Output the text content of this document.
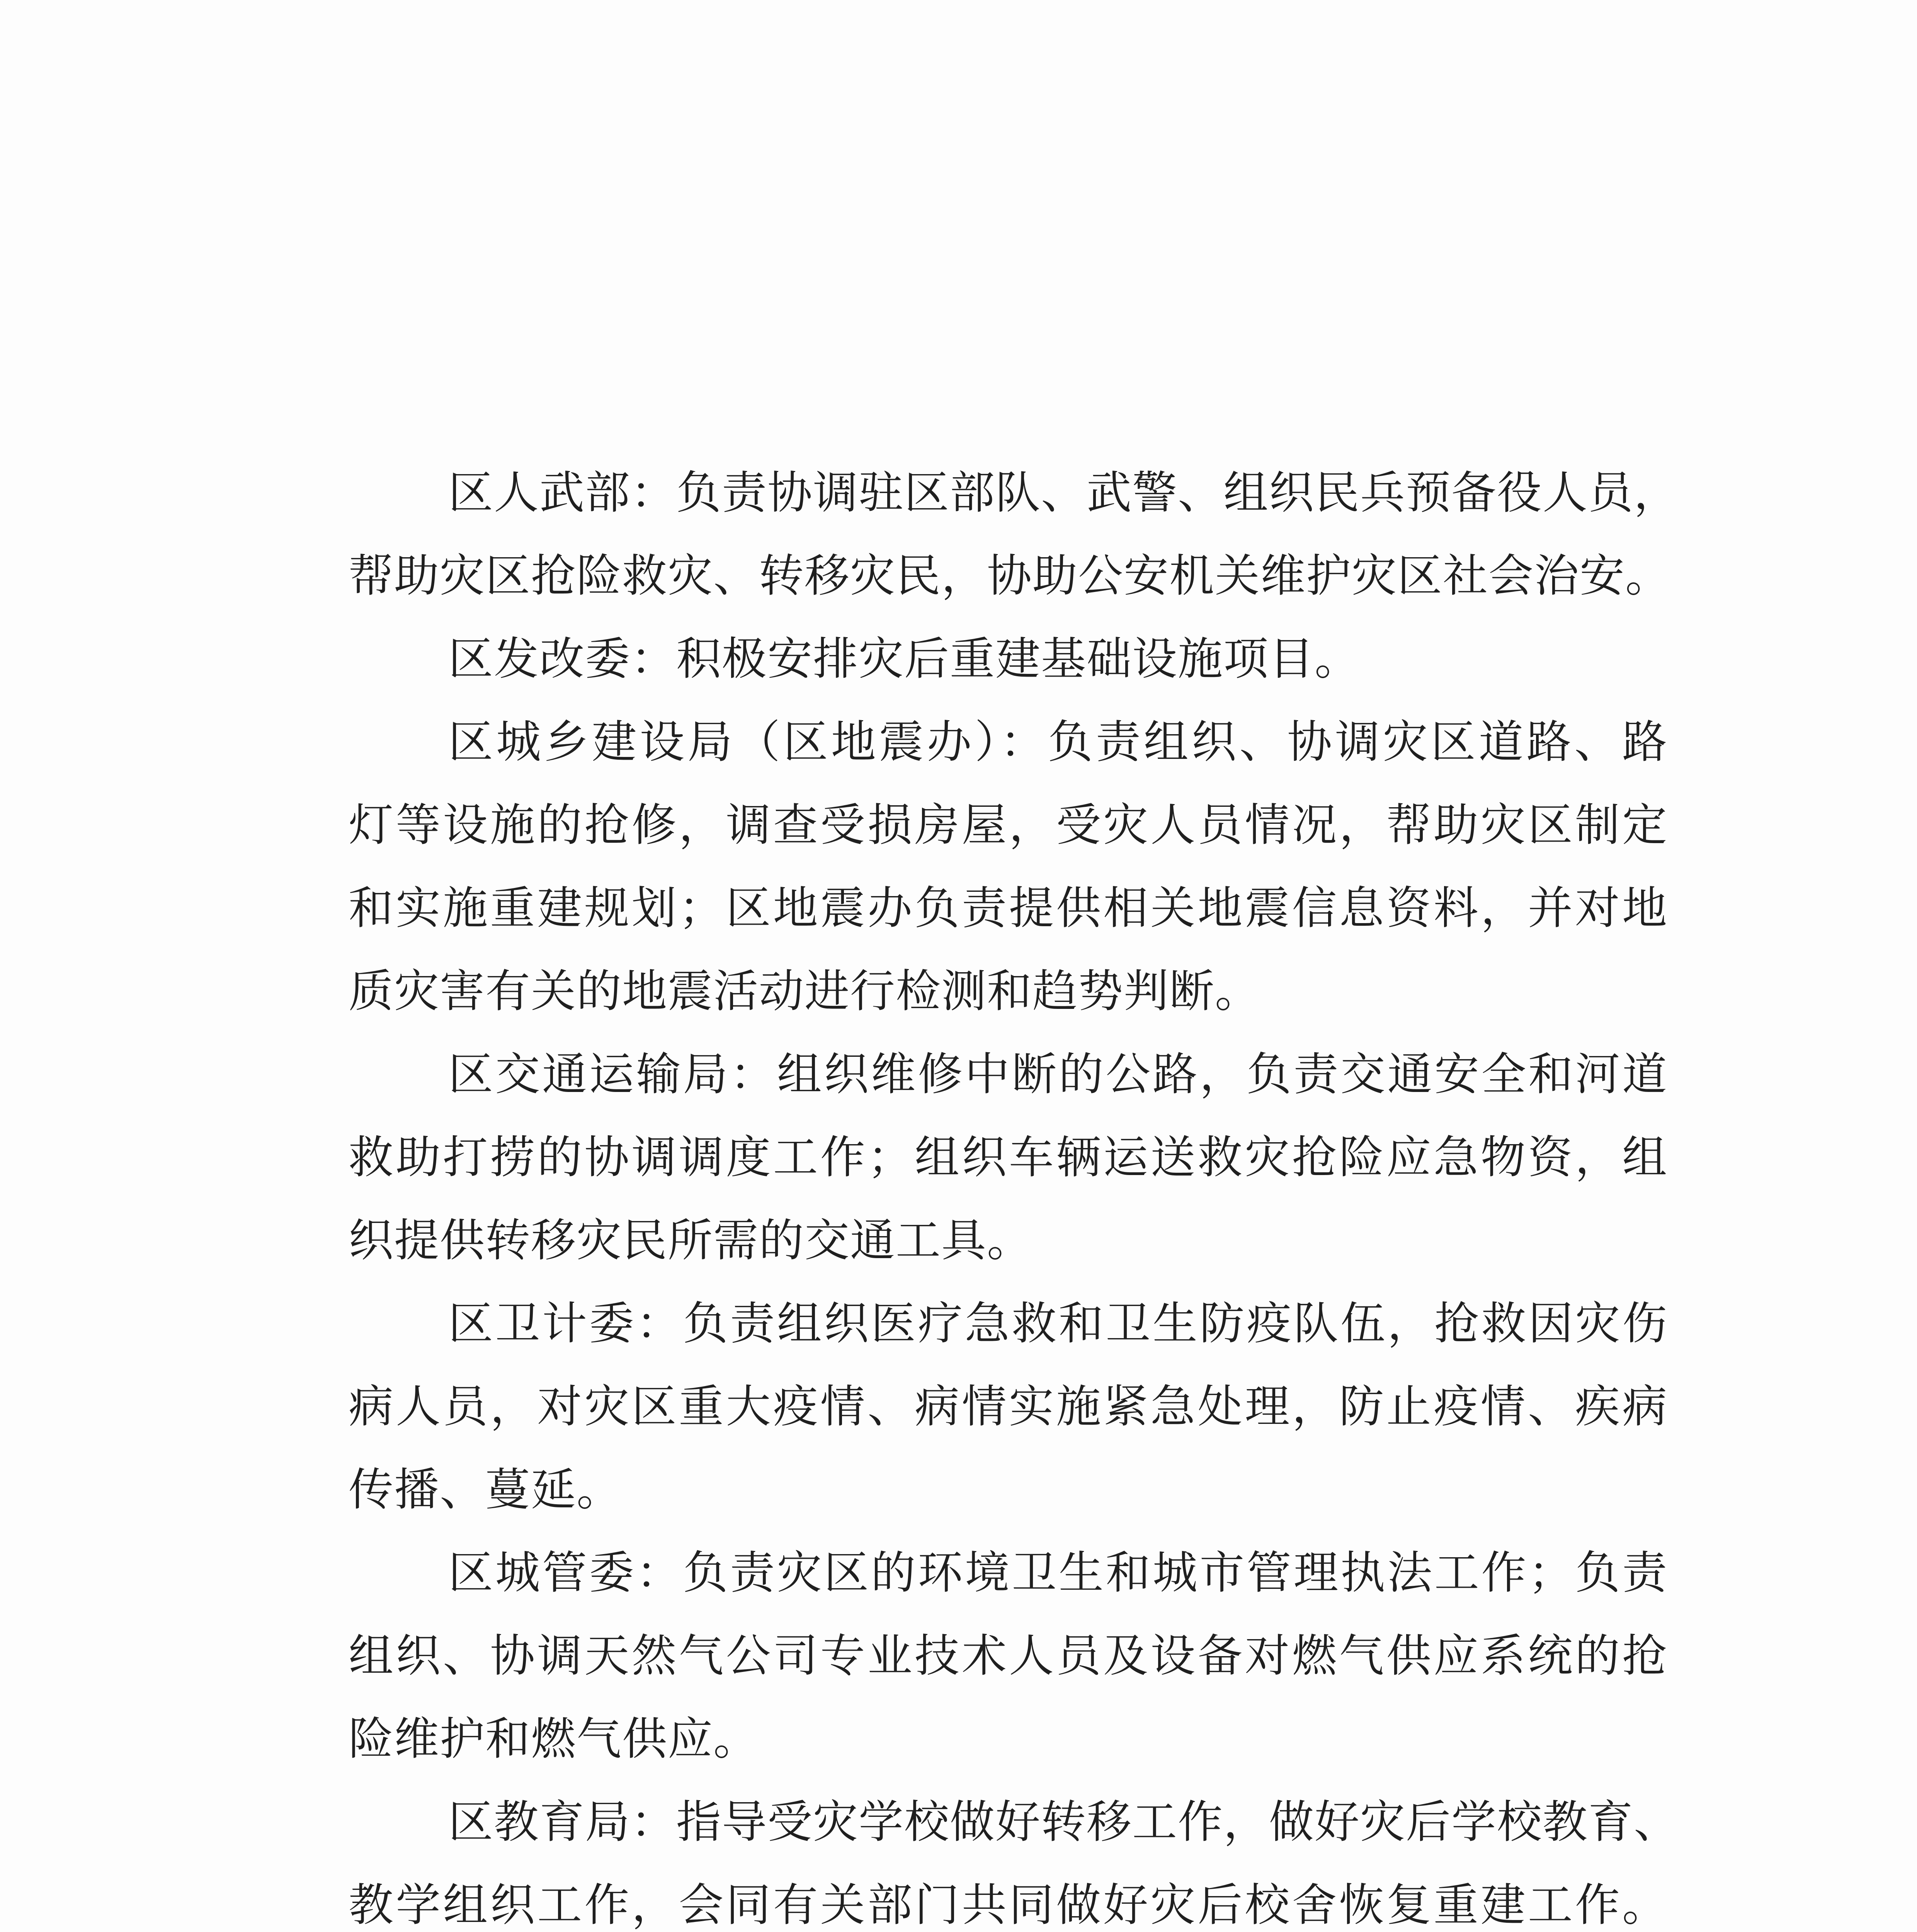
区人武部：负责协调驻区部队、武警、组织民兵预备役人员，
帮助灾区抢险救灾、转移灾民，协助公安机关维护灾区社会治安。
区发改委：积极安排灾后重建基础设施项目。
区城乡建设局（区地震办）：负责组织、协调灾区道路、路
灯等设施的抢修，调查受损房屋，受灾人员情况，帮助灾区制定
和实施重建规划；区地震办负责提供相关地震信息资料，并对地
质灾害有关的地震活动进行检测和趋势判断。
区交通运输局：组织维修中断的公路，负责交通安全和河道
救助打捞的协调调度工作；组织车辆运送救灾抢险应急物资，组
织提供转移灾民所需的交通工具。
区卫计委：负责组织医疗急救和卫生防疫队伍，抢救因灾伤
病人员，对灾区重大疫情、病情实施紧急处理，防止疫情、疾病
传播、蔓延。
区城管委：负责灾区的环境卫生和城市管理执法工作；负责
组织、协调天然气公司专业技术人员及设备对燃气供应系统的抢
险维护和燃气供应。
区教育局：指导受灾学校做好转移工作，做好灾后学校教育、
教学组织工作，会同有关部门共同做好灾后校舍恢复重建工作。
